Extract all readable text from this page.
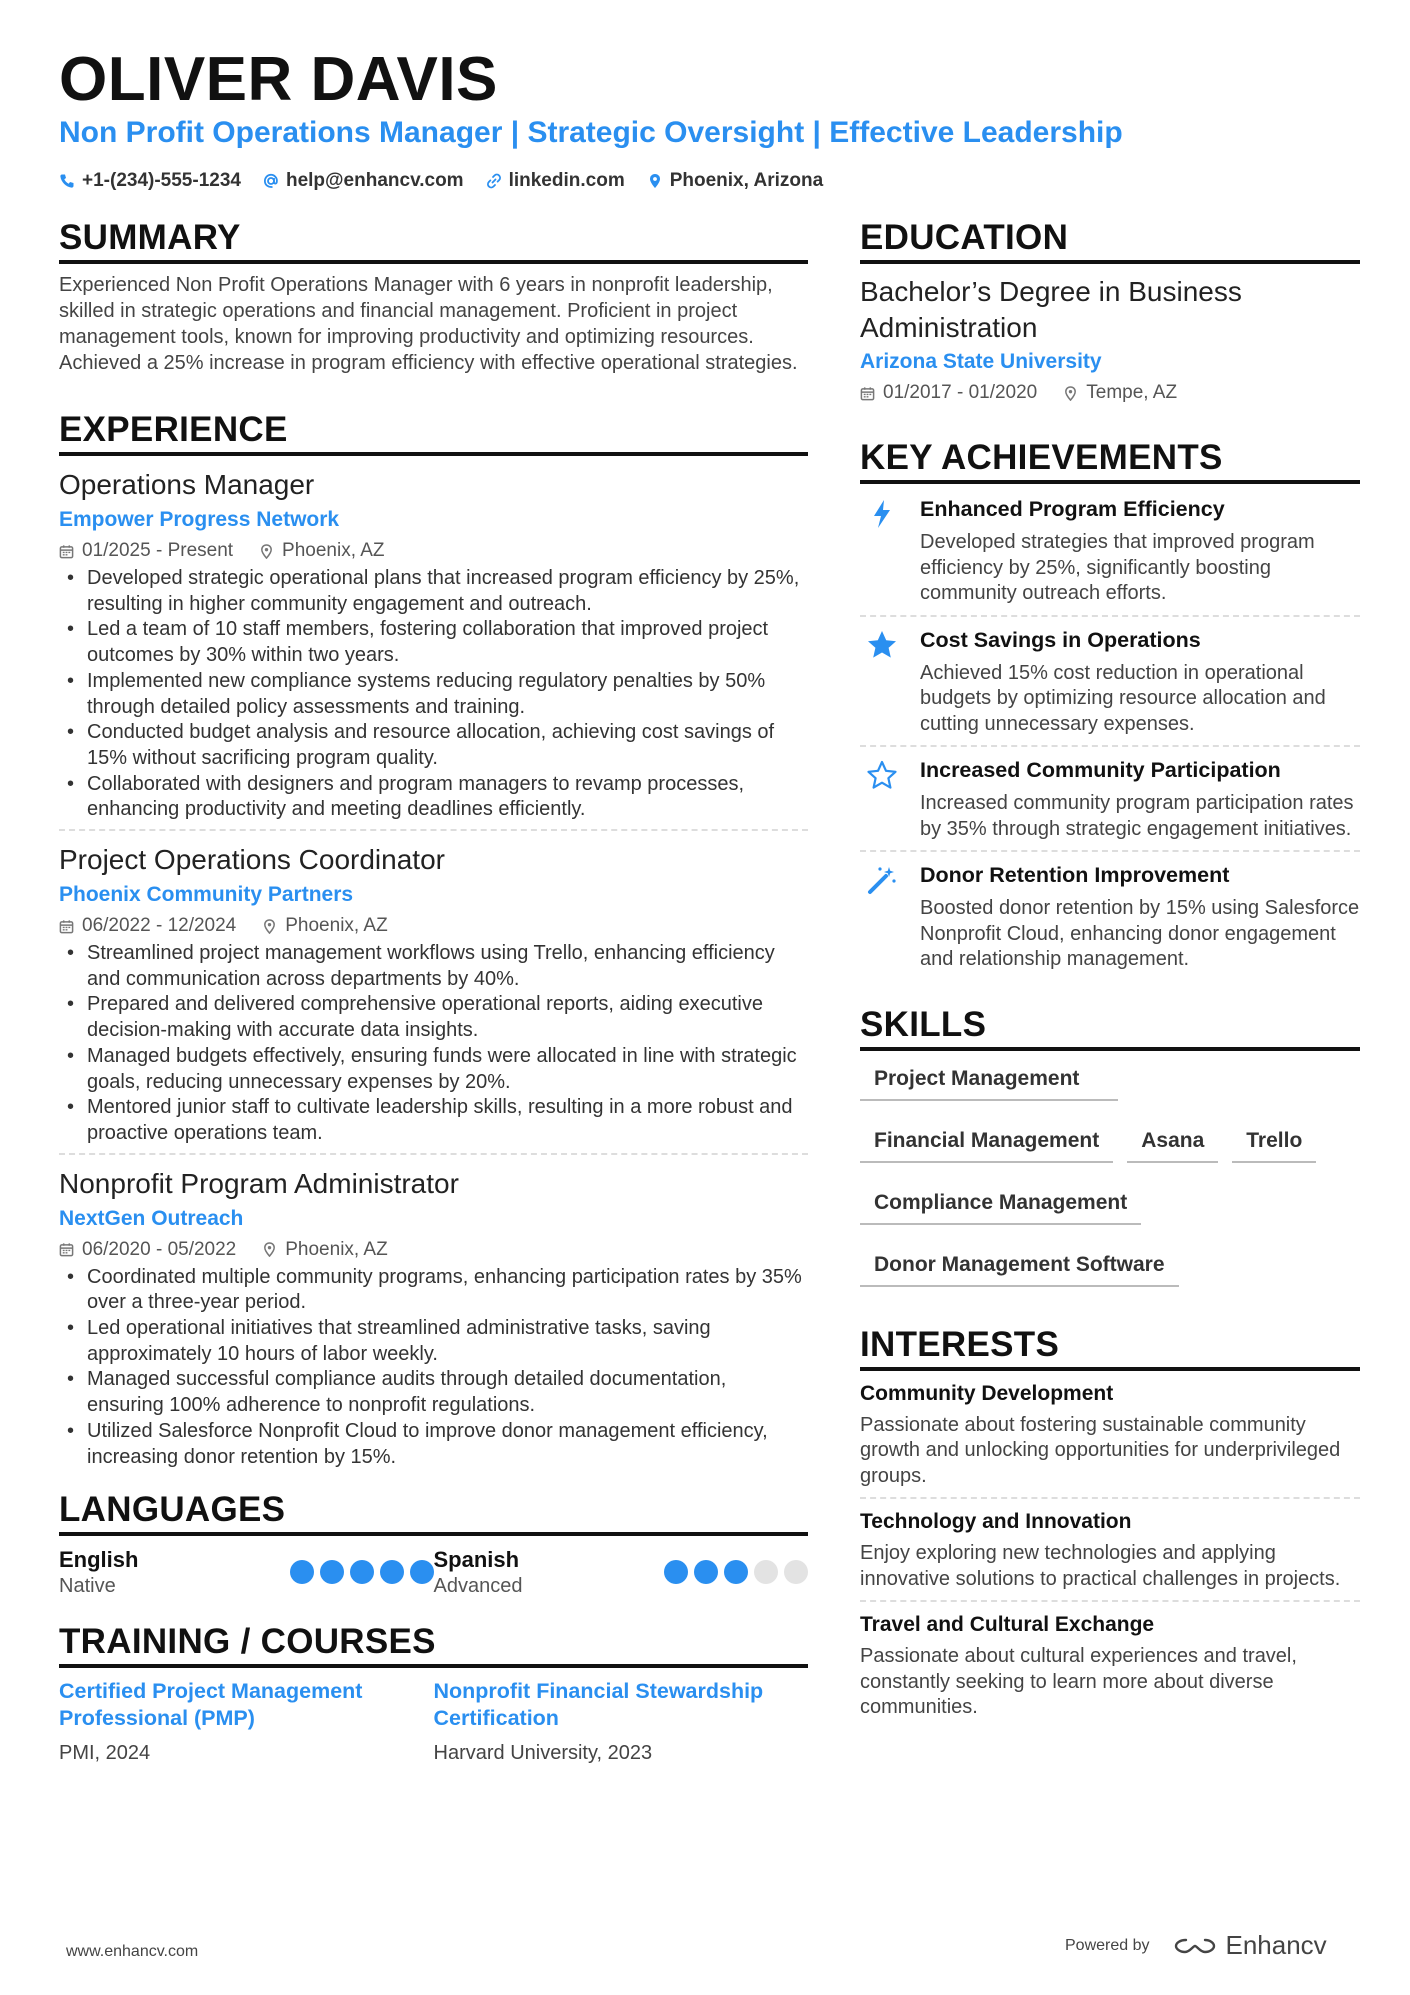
OLIVER DAVIS
Non Profit Operations Manager | Strategic Oversight | Effective Leadership
+1-(234)-555-1234 help@enhancv.com linkedin.com Phoenix, Arizona
SUMMARY
Experienced Non Profit Operations Manager with 6 years in nonprofit leadership, skilled in strategic operations and financial management. Proficient in project management tools, known for improving productivity and optimizing resources. Achieved a 25% increase in program efficiency with effective operational strategies.
EXPERIENCE
Operations Manager
Empower Progress Network
01/2025 - Present	Phoenix, AZ
• Developed strategic operational plans that increased program efficiency by 25%, resulting in higher community engagement and outreach.
• Led a team of 10 staff members, fostering collaboration that improved project outcomes by 30% within two years.
• Implemented new compliance systems reducing regulatory penalties by 50% through detailed policy assessments and training.
• Conducted budget analysis and resource allocation, achieving cost savings of 15% without sacrificing program quality.
• Collaborated with designers and program managers to revamp processes, enhancing productivity and meeting deadlines efficiently.
Project Operations Coordinator
Phoenix Community Partners
06/2022 - 12/2024	Phoenix, AZ
• Streamlined project management workflows using Trello, enhancing efficiency and communication across departments by 40%.
• Prepared and delivered comprehensive operational reports, aiding executive decision-making with accurate data insights.
• Managed budgets effectively, ensuring funds were allocated in line with strategic goals, reducing unnecessary expenses by 20%.
• Mentored junior staff to cultivate leadership skills, resulting in a more robust and proactive operations team.
Nonprofit Program Administrator
NextGen Outreach
06/2020 - 05/2022	Phoenix, AZ
• Coordinated multiple community programs, enhancing participation rates by 35% over a three-year period.
• Led operational initiatives that streamlined administrative tasks, saving approximately 10 hours of labor weekly.
• Managed successful compliance audits through detailed documentation, ensuring 100% adherence to nonprofit regulations.
• Utilized Salesforce Nonprofit Cloud to improve donor management efficiency, increasing donor retention by 15%.
LANGUAGES
English
Native
Spanish
Advanced
TRAINING / COURSES
Certified Project Management Professional (PMP)
PMI, 2024
Nonprofit Financial Stewardship Certification
Harvard University, 2023
EDUCATION
Bachelor’s Degree in Business Administration
Arizona State University
01/2017 - 01/2020	Tempe, AZ
KEY ACHIEVEMENTS
Enhanced Program Efficiency
Developed strategies that improved program efficiency by 25%, significantly boosting community outreach efforts.
Cost Savings in Operations
Achieved 15% cost reduction in operational budgets by optimizing resource allocation and cutting unnecessary expenses.
Increased Community Participation
Increased community program participation rates by 35% through strategic engagement initiatives.
Donor Retention Improvement
Boosted donor retention by 15% using Salesforce Nonprofit Cloud, enhancing donor engagement and relationship management.
SKILLS
Project Management
Financial Management	Asana	Trello
Compliance Management
Donor Management Software
INTERESTS
Community Development
Passionate about fostering sustainable community growth and unlocking opportunities for underprivileged groups.
Technology and Innovation
Enjoy exploring new technologies and applying innovative solutions to practical challenges in projects.
Travel and Cultural Exchange
Passionate about cultural experiences and travel, constantly seeking to learn more about diverse communities.
www.enhancv.com	Powered by	Enhancv
